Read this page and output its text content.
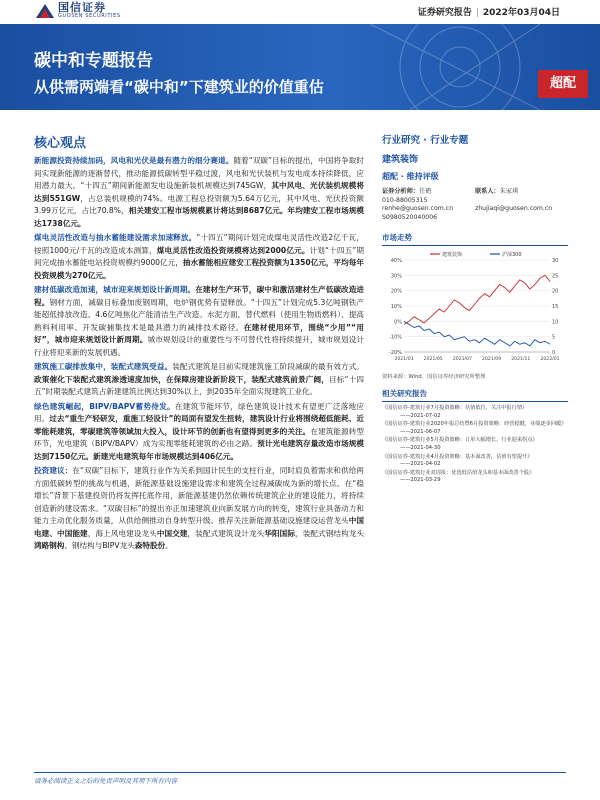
国信证券
GUOSEN SECURITIES	证券研究报告 | 2022年03月04日
碳中和专题报告
从供需两端看“碳中和”下建筑业的价值重估	超配
核心观点
新能源投资持续加码，风电和光伏是最有潜力的细分赛道。随着“双碳”目标的提出，中国将争取时间实现新能源的逐渐替代，推动能源低碳转型平稳过渡，风电和光伏装机与发电成本持续降低，应用潜力最大。“十四五”期间新能源发电设施新装机规模达到745GW，其中风电、光伏装机规模将达到551GW，占总装机规模的74%。电源工程总投资额为5.64万亿元，其中风电、光伏投资额3.99万亿元，占比70.8%，相关建安工程市场规模累计将达到8687亿元。年均建安工程市场规模达1738亿元。
煤电灵活性改造与抽水蓄能建设需求加速释放。“十四五”期间计划完成煤电灵活性改造2亿千瓦，按照1000元/千瓦的改造成本测算，煤电灵活性改造投资规模将达到2000亿元。计划“十四五”期间完成抽水蓄能电站投资规模约9000亿元，抽水蓄能相应建安工程投资额为1350亿元，平均每年投资规模为270亿元。
建材低碳改造加速，城市迎来规划设计新周期。在建材生产环节，碳中和激活建材生产低碳改造进程。钢材方面，减碳目标叠加废钢周期，电炉钢优势有望释放。“十四五”计划完成5.3亿吨钢铁产能超低排放改造、4.6亿吨焦化产能清洁生产改造。水泥方面，替代燃料（使用生物质燃料）、提高熟料利用率、开发碳捕集技术是最具潜力的减排技术路径。在建材使用环节，围绕“少用”“用好”，城市迎来规划设计新周期。城市规划设计的重要性与不可替代性将持续提升，城市规划设计行业将迎来新的发展机遇。
建筑施工碳排放集中，装配式建筑受益。装配式建筑是目前实现建筑施工阶段减碳的最有效方式。政策催化下装配式建筑渗透速度加快，在保障房建设新阶段下，装配式建筑前景广阔，目标“十四五”时期装配式建筑占新建建筑比例达到30%以上，到2035年全面实现建筑工业化。
绿色建筑崛起，BIPV/BAPV蓄势待发。在建筑节能环节，绿色建筑设计技术有望更广泛落地应用。过去“重生产轻研发，重施工轻设计”的局面有望发生扭转，建筑设计行业将围绕超低能耗、近零能耗建筑，零碳建筑等领域加大投入，设计环节的创新也有望得到更多的关注。在建筑能源转型环节，光电建筑（BIPV/BAPV）成为实现零能耗建筑的必由之路。预计光电建筑存量改造市场规模达到7150亿元。新建光电建筑每年市场规模达到406亿元。
投资建议：在“双碳”目标下，建筑行业作为关系到国计民生的支柱行业，同时肩负着需求和供给两方面低碳转型的挑战与机遇，新能源基础设施建设需求和建筑全过程减碳成为新的增长点。在“稳增长”背景下基建投资仍将发挥托底作用，新能源基建仍然依赖传统建筑企业的建设能力，将持续创造新的建设需求。“双碳目标”的提出亦正加速建筑业向新发展方向的转变，建筑行业具备动力和能力主动优化服务质量，从供给侧推动自身转型升级。推荐关注新能源基础设施建设运营龙头中国电建、中国能建，海上风电建设龙头中国交建，装配式建筑设计龙头华阳国际，装配式钢结构龙头鸿路钢构、钢结构与BIPV龙头森特股份。
行业研究 · 行业专题
建筑装饰
超配 · 维持评级
证券分析师：任鹤
010-88005315
renhe@guosen.com.cn
S0980520040006
联系人：朱家琪

zhujiaqi@guosen.com.cn
市场走势
-20%
-10%
0%
10%
20%
30%
40%
0
5
10
15
20
25
30
2021/03 2021/05 2021/07 2021/09 2021/11 2022/01
建筑装饰	沪深300
资料来源：Wind、国信证券经济研究所整理
相关研究报告
《国信证券-建筑行业7月投资策略：估值低位，关注中报行情》
——2021-07-02
《国信证券-建筑行业2020年报总结暨6月投资策略：经营稳健，业绩逐步回暖》
——2021-06-07
《国信证券-建筑行业5月投资策略：订单大幅增长，行业迎来拐点》
——2021-04-30
《国信证券-建筑行业4月投资策略：基本面改善，估值有望提升》
——2021-04-02
《国信证券-建筑行业双周报：优选低估值龙头和基本面改善个股》
——2021-03-29
请务必阅读正文之后的免责声明及其项下所有内容
